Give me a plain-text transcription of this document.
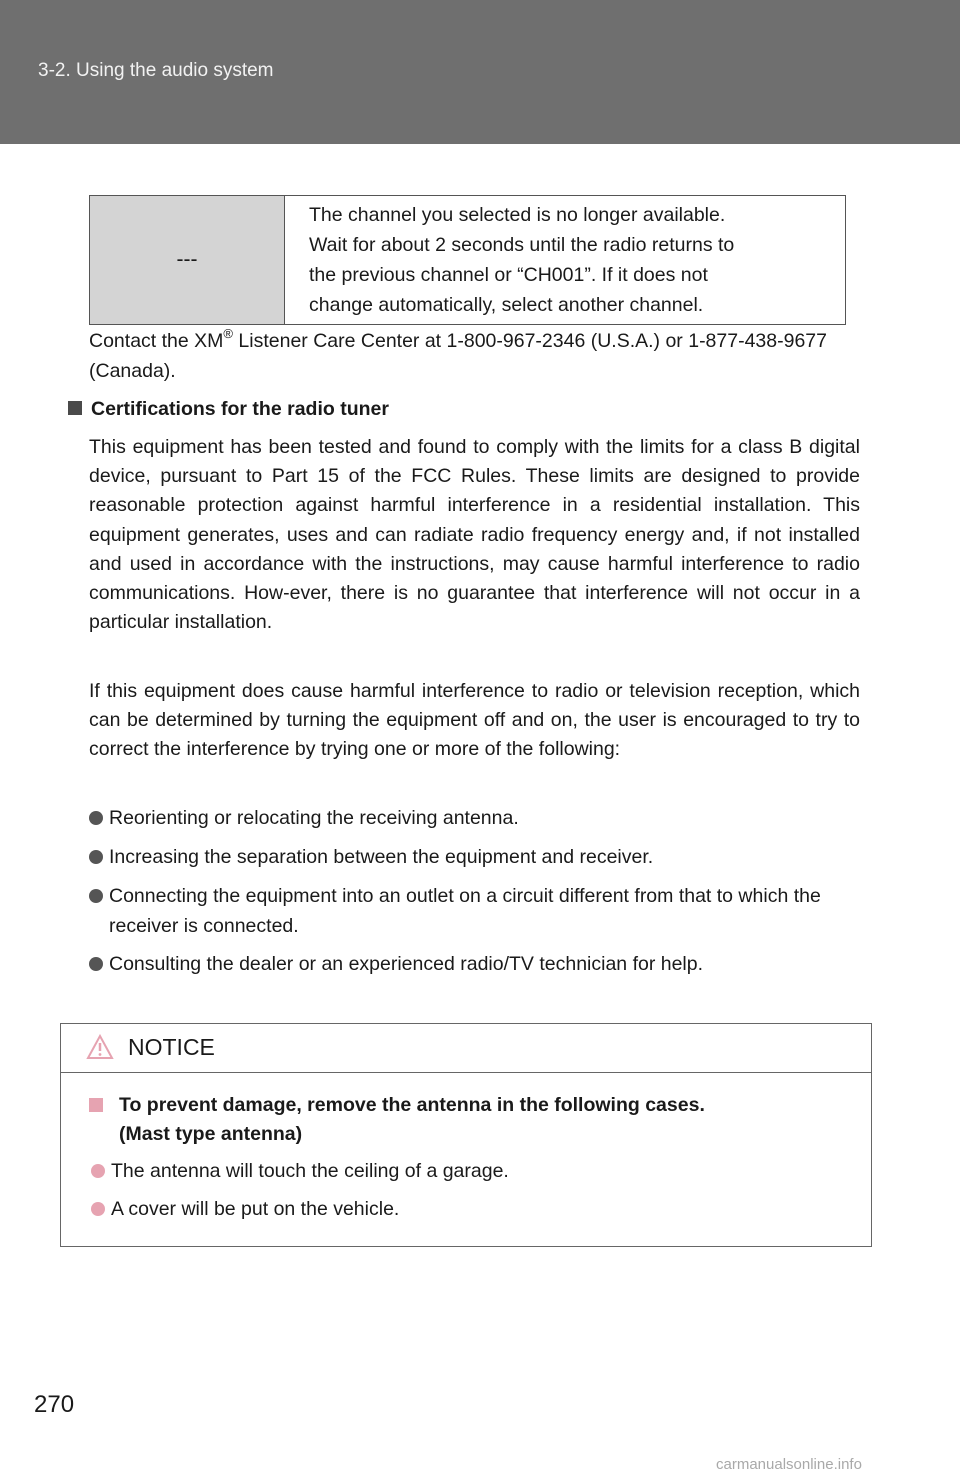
3-2. Using the audio system
---
The channel you selected is no longer available.
Wait for about 2 seconds until the radio returns to
the previous channel or “CH001”. If it does not
change automatically, select another channel.
Contact the XM® Listener Care Center at 1-800-967-2346 (U.S.A.) or 1-877-438-9677 (Canada).
Certifications for the radio tuner
This equipment has been tested and found to comply with the limits for a class B digital device, pursuant to Part 15 of the FCC Rules. These limits are designed to provide reasonable protection against harmful interference in a residential installation. This equipment generates, uses and can radiate radio frequency energy and, if not installed and used in accordance with the instructions, may cause harmful interference to radio communications. How-ever, there is no guarantee that interference will not occur in a particular installation.
If this equipment does cause harmful interference to radio or television reception, which can be determined by turning the equipment off and on, the user is encouraged to try to correct the interference by trying one or more of the following:
Reorienting or relocating the receiving antenna.
Increasing the separation between the equipment and receiver.
Connecting the equipment into an outlet on a circuit different from that to which the receiver is connected.
Consulting the dealer or an experienced radio/TV technician for help.
NOTICE
To prevent damage, remove the antenna in the following cases.
(Mast type antenna)
The antenna will touch the ceiling of a garage.
A cover will be put on the vehicle.
270
carmanualsonline.info
